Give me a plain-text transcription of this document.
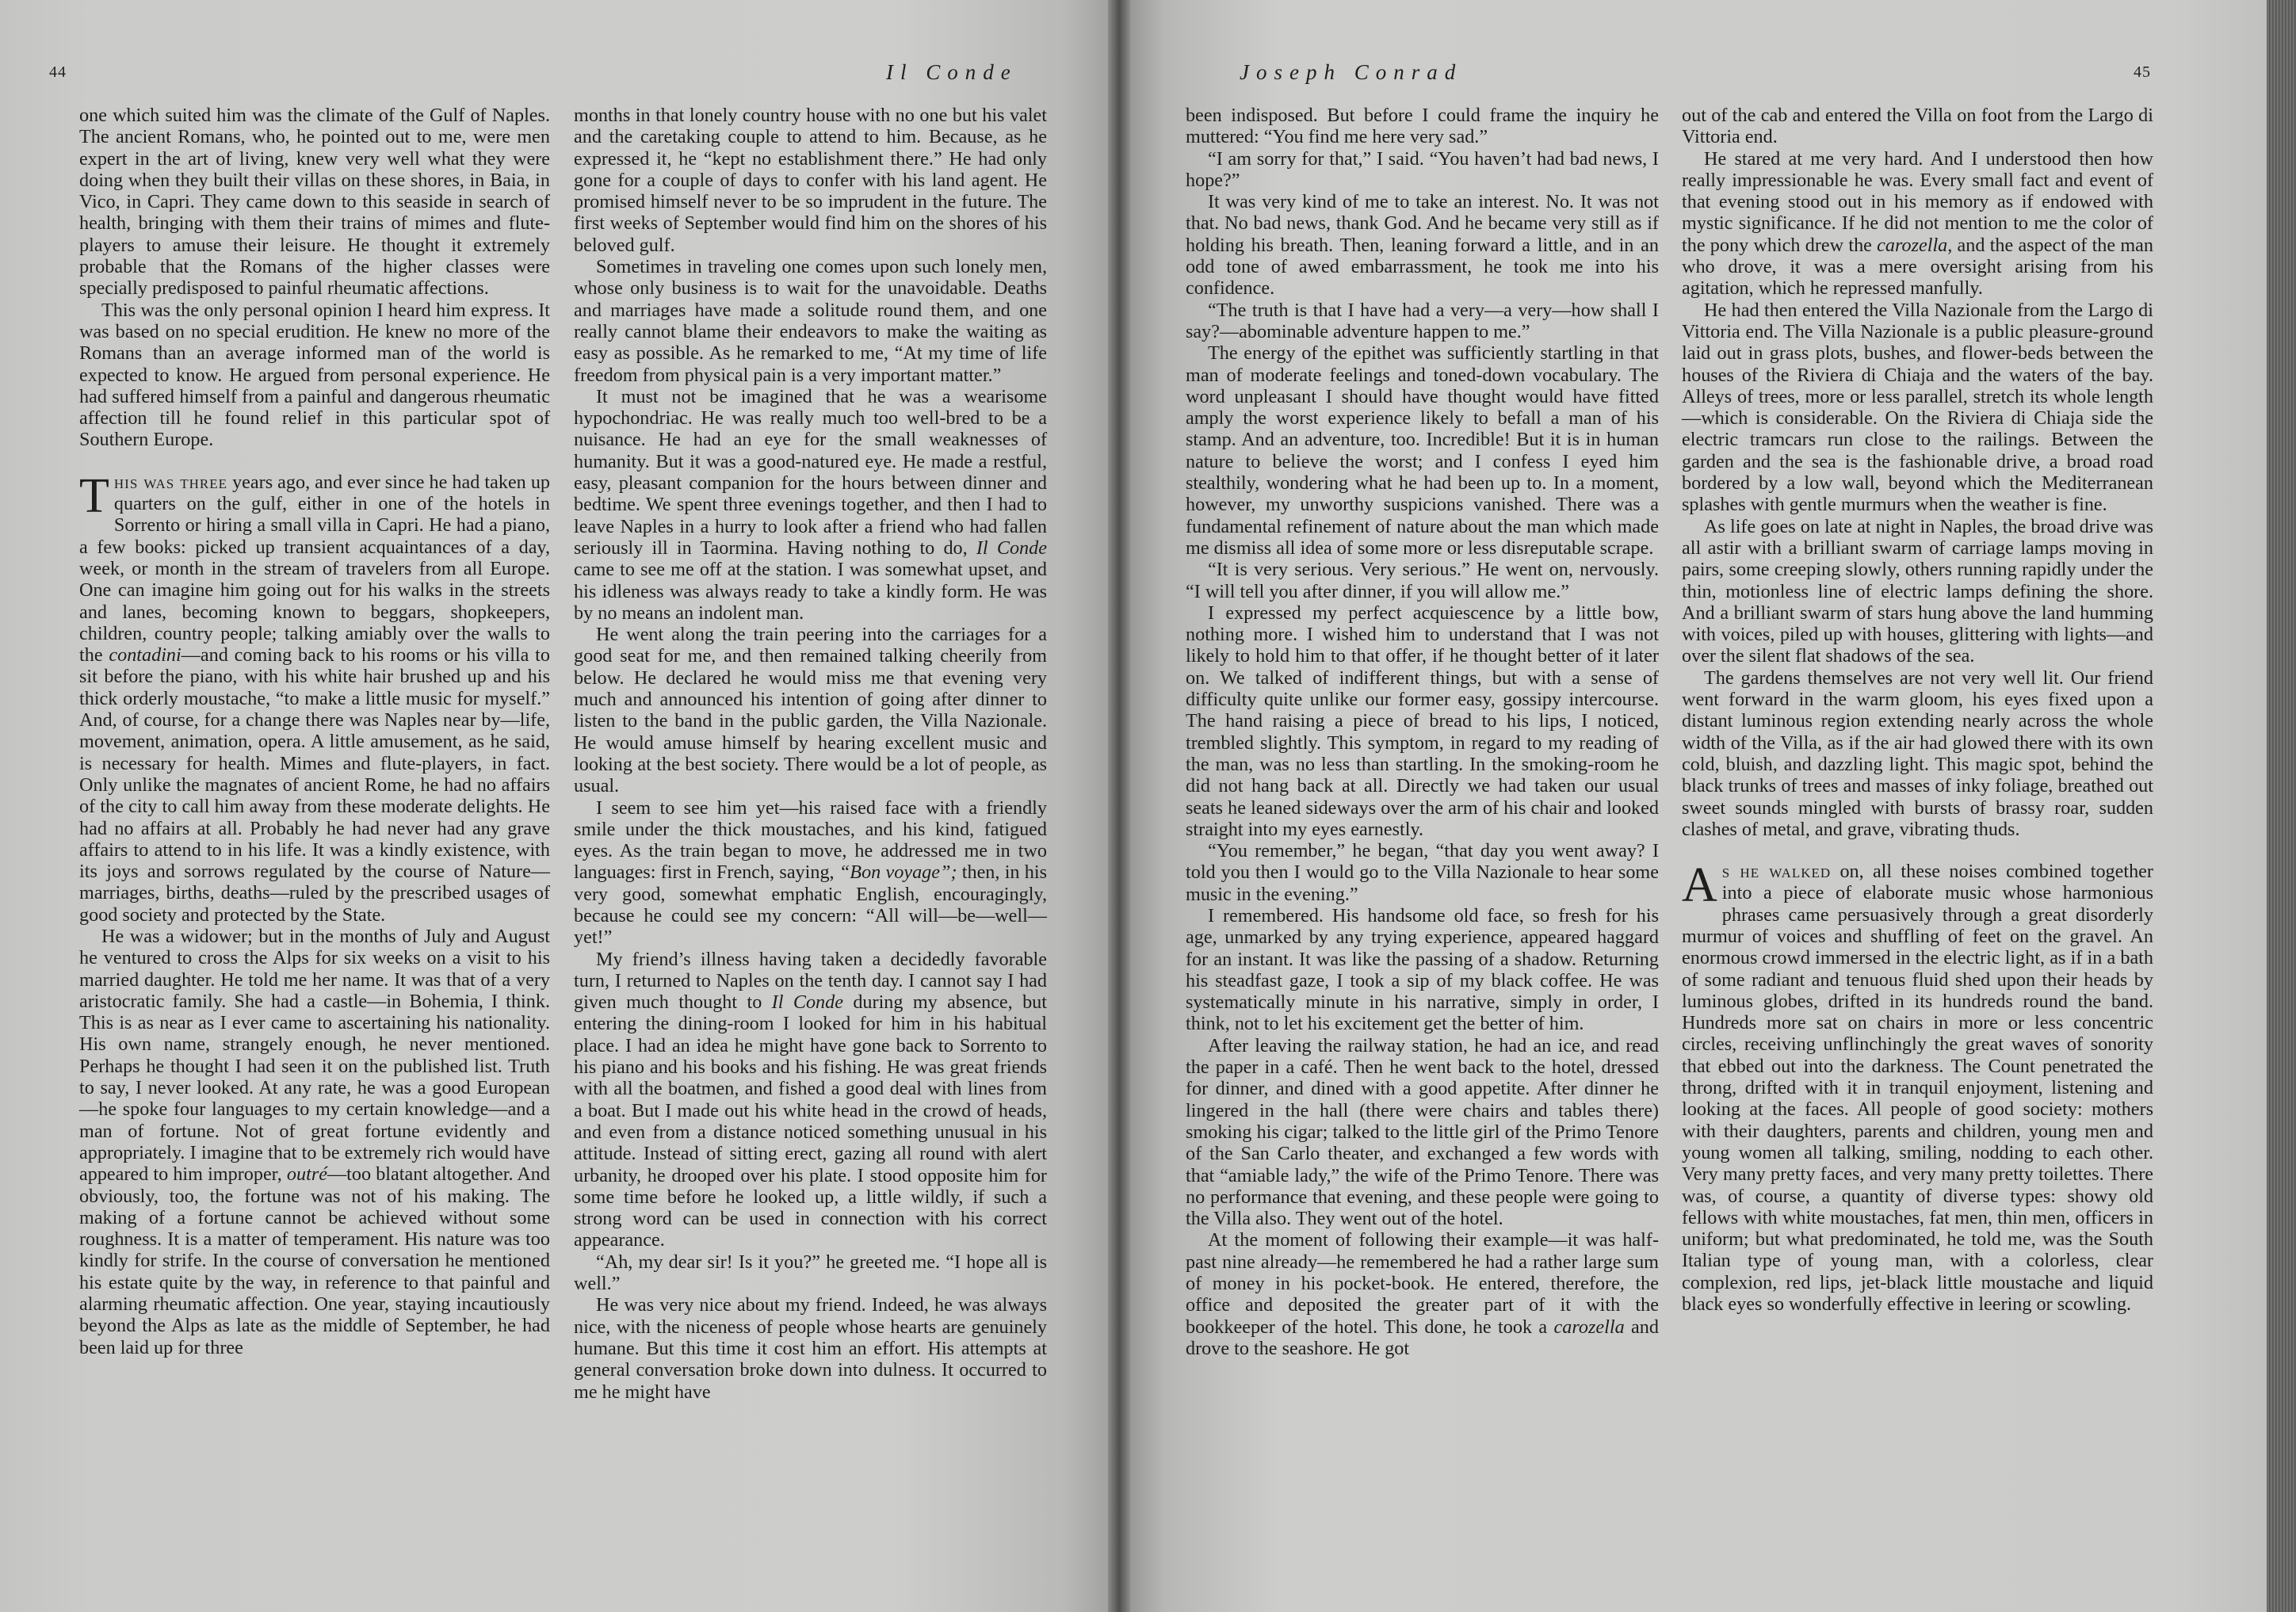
44	Il Conde

one which suited him was the climate of the Gulf of Naples. The ancient Romans, who, he pointed out to me, were men expert in the art of living, knew very well what they were doing when they built their villas on these shores, in Baia, in Vico, in Capri. They came down to this seaside in search of health, bringing with them their trains of mimes and flute-players to amuse their leisure. He thought it extremely probable that the Romans of the higher classes were specially predisposed to painful rheumatic affections.

This was the only personal opinion I heard him express. It was based on no special erudition. He knew no more of the Romans than an average informed man of the world is expected to know. He argued from personal experience. He had suffered himself from a painful and dangerous rheumatic affection till he found relief in this particular spot of Southern Europe.

This was three years ago, and ever since he had taken up quarters on the gulf, either in one of the hotels in Sorrento or hiring a small villa in Capri. He had a piano, a few books: picked up transient acquaintances of a day, week, or month in the stream of travelers from all Europe. One can imagine him going out for his walks in the streets and lanes, becoming known to beggars, shopkeepers, children, country people; talking amiably over the walls to the contadini—and coming back to his rooms or his villa to sit before the piano, with his white hair brushed up and his thick orderly moustache, “to make a little music for myself.” And, of course, for a change there was Naples near by—life, movement, animation, opera. A little amusement, as he said, is necessary for health. Mimes and flute-players, in fact. Only unlike the magnates of ancient Rome, he had no affairs of the city to call him away from these moderate delights. He had no affairs at all. Probably he had never had any grave affairs to attend to in his life. It was a kindly existence, with its joys and sorrows regulated by the course of Nature—marriages, births, deaths—ruled by the prescribed usages of good society and protected by the State.

He was a widower; but in the months of July and August he ventured to cross the Alps for six weeks on a visit to his married daughter. He told me her name. It was that of a very aristocratic family. She had a castle—in Bohemia, I think. This is as near as I ever came to ascertaining his nationality. His own name, strangely enough, he never mentioned. Perhaps he thought I had seen it on the published list. Truth to say, I never looked. At any rate, he was a good European—he spoke four languages to my certain knowledge—and a man of fortune. Not of great fortune evidently and appropriately. I imagine that to be extremely rich would have appeared to him improper, outré—too blatant altogether. And obviously, too, the fortune was not of his making. The making of a fortune cannot be achieved without some roughness. It is a matter of temperament. His nature was too kindly for strife. In the course of conversation he mentioned his estate quite by the way, in reference to that painful and alarming rheumatic affection. One year, staying incautiously beyond the Alps as late as the middle of September, he had been laid up for three

months in that lonely country house with no one but his valet and the caretaking couple to attend to him. Because, as he expressed it, he “kept no establishment there.” He had only gone for a couple of days to confer with his land agent. He promised himself never to be so imprudent in the future. The first weeks of September would find him on the shores of his beloved gulf.

Sometimes in traveling one comes upon such lonely men, whose only business is to wait for the unavoidable. Deaths and marriages have made a solitude round them, and one really cannot blame their endeavors to make the waiting as easy as possible. As he remarked to me, “At my time of life freedom from physical pain is a very important matter.”

It must not be imagined that he was a wearisome hypochondriac. He was really much too well-bred to be a nuisance. He had an eye for the small weaknesses of humanity. But it was a good-natured eye. He made a restful, easy, pleasant companion for the hours between dinner and bedtime. We spent three evenings together, and then I had to leave Naples in a hurry to look after a friend who had fallen seriously ill in Taormina. Having nothing to do, Il Conde came to see me off at the station. I was somewhat upset, and his idleness was always ready to take a kindly form. He was by no means an indolent man.

He went along the train peering into the carriages for a good seat for me, and then remained talking cheerily from below. He declared he would miss me that evening very much and announced his intention of going after dinner to listen to the band in the public garden, the Villa Nazionale. He would amuse himself by hearing excellent music and looking at the best society. There would be a lot of people, as usual.

I seem to see him yet—his raised face with a friendly smile under the thick moustaches, and his kind, fatigued eyes. As the train began to move, he addressed me in two languages: first in French, saying, “Bon voyage”; then, in his very good, somewhat emphatic English, encouragingly, because he could see my concern: “All will—be—well—yet!”

My friend’s illness having taken a decidedly favorable turn, I returned to Naples on the tenth day. I cannot say I had given much thought to Il Conde during my absence, but entering the dining-room I looked for him in his habitual place. I had an idea he might have gone back to Sorrento to his piano and his books and his fishing. He was great friends with all the boatmen, and fished a good deal with lines from a boat. But I made out his white head in the crowd of heads, and even from a distance noticed something unusual in his attitude. Instead of sitting erect, gazing all round with alert urbanity, he drooped over his plate. I stood opposite him for some time before he looked up, a little wildly, if such a strong word can be used in connection with his correct appearance.

“Ah, my dear sir! Is it you?” he greeted me. “I hope all is well.”

He was very nice about my friend. Indeed, he was always nice, with the niceness of people whose hearts are genuinely humane. But this time it cost him an effort. His attempts at general conversation broke down into dulness. It occurred to me he might have

Joseph Conrad	45

been indisposed. But before I could frame the inquiry he muttered: “You find me here very sad.”

“I am sorry for that,” I said. “You haven’t had bad news, I hope?”

It was very kind of me to take an interest. No. It was not that. No bad news, thank God. And he became very still as if holding his breath. Then, leaning forward a little, and in an odd tone of awed embarrassment, he took me into his confidence.

“The truth is that I have had a very—a very—how shall I say?—abominable adventure happen to me.”

The energy of the epithet was sufficiently startling in that man of moderate feelings and toned-down vocabulary. The word unpleasant I should have thought would have fitted amply the worst experience likely to befall a man of his stamp. And an adventure, too. Incredible! But it is in human nature to believe the worst; and I confess I eyed him stealthily, wondering what he had been up to. In a moment, however, my unworthy suspicions vanished. There was a fundamental refinement of nature about the man which made me dismiss all idea of some more or less disreputable scrape.

“It is very serious. Very serious.” He went on, nervously. “I will tell you after dinner, if you will allow me.”

I expressed my perfect acquiescence by a little bow, nothing more. I wished him to understand that I was not likely to hold him to that offer, if he thought better of it later on. We talked of indifferent things, but with a sense of difficulty quite unlike our former easy, gossipy intercourse. The hand raising a piece of bread to his lips, I noticed, trembled slightly. This symptom, in regard to my reading of the man, was no less than startling. In the smoking-room he did not hang back at all. Directly we had taken our usual seats he leaned sideways over the arm of his chair and looked straight into my eyes earnestly.

“You remember,” he began, “that day you went away? I told you then I would go to the Villa Nazionale to hear some music in the evening.”

I remembered. His handsome old face, so fresh for his age, unmarked by any trying experience, appeared haggard for an instant. It was like the passing of a shadow. Returning his steadfast gaze, I took a sip of my black coffee. He was systematically minute in his narrative, simply in order, I think, not to let his excitement get the better of him.

After leaving the railway station, he had an ice, and read the paper in a café. Then he went back to the hotel, dressed for dinner, and dined with a good appetite. After dinner he lingered in the hall (there were chairs and tables there) smoking his cigar; talked to the little girl of the Primo Tenore of the San Carlo theater, and exchanged a few words with that “amiable lady,” the wife of the Primo Tenore. There was no performance that evening, and these people were going to the Villa also. They went out of the hotel.

At the moment of following their example—it was half-past nine already—he remembered he had a rather large sum of money in his pocket-book. He entered, therefore, the office and deposited the greater part of it with the bookkeeper of the hotel. This done, he took a carozella and drove to the seashore. He got

out of the cab and entered the Villa on foot from the Largo di Vittoria end.

He stared at me very hard. And I understood then how really impressionable he was. Every small fact and event of that evening stood out in his memory as if endowed with mystic significance. If he did not mention to me the color of the pony which drew the carozella, and the aspect of the man who drove, it was a mere oversight arising from his agitation, which he repressed manfully.

He had then entered the Villa Nazionale from the Largo di Vittoria end. The Villa Nazionale is a public pleasure-ground laid out in grass plots, bushes, and flower-beds between the houses of the Riviera di Chiaja and the waters of the bay. Alleys of trees, more or less parallel, stretch its whole length—which is considerable. On the Riviera di Chiaja side the electric tramcars run close to the railings. Between the garden and the sea is the fashionable drive, a broad road bordered by a low wall, beyond which the Mediterranean splashes with gentle murmurs when the weather is fine.

As life goes on late at night in Naples, the broad drive was all astir with a brilliant swarm of carriage lamps moving in pairs, some creeping slowly, others running rapidly under the thin, motionless line of electric lamps defining the shore. And a brilliant swarm of stars hung above the land humming with voices, piled up with houses, glittering with lights—and over the silent flat shadows of the sea.

The gardens themselves are not very well lit. Our friend went forward in the warm gloom, his eyes fixed upon a distant luminous region extending nearly across the whole width of the Villa, as if the air had glowed there with its own cold, bluish, and dazzling light. This magic spot, behind the black trunks of trees and masses of inky foliage, breathed out sweet sounds mingled with bursts of brassy roar, sudden clashes of metal, and grave, vibrating thuds.

As he walked on, all these noises combined together into a piece of elaborate music whose harmonious phrases came persuasively through a great disorderly murmur of voices and shuffling of feet on the gravel. An enormous crowd immersed in the electric light, as if in a bath of some radiant and tenuous fluid shed upon their heads by luminous globes, drifted in its hundreds round the band. Hundreds more sat on chairs in more or less concentric circles, receiving unflinchingly the great waves of sonority that ebbed out into the darkness. The Count penetrated the throng, drifted with it in tranquil enjoyment, listening and looking at the faces. All people of good society: mothers with their daughters, parents and children, young men and young women all talking, smiling, nodding to each other. Very many pretty faces, and very many pretty toilettes. There was, of course, a quantity of diverse types: showy old fellows with white moustaches, fat men, thin men, officers in uniform; but what predominated, he told me, was the South Italian type of young man, with a colorless, clear complexion, red lips, jet-black little moustache and liquid black eyes so wonderfully effective in leering or scowling.
